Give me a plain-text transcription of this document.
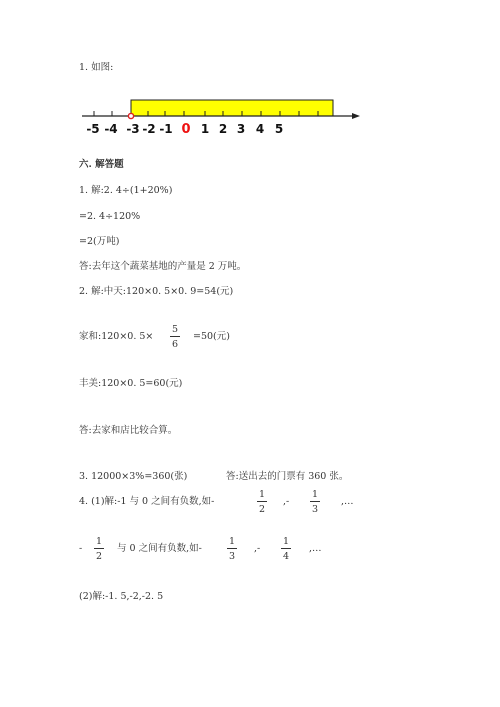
1. 如图:
-5 -4 -3 -2 -1 0 1 2 3 4 5
六. 解答题
1. 解:2. 4÷(1+20%)
=2. 4÷120%
=2(万吨)
答:去年这个蔬菜基地的产量是 2 万吨。
2. 解:中天:120×0. 5×0. 9=54(元)
家和:120×0. 5×
5
6
=50(元)
丰美:120×0. 5=60(元)
答:去家和店比较合算。
3. 12000×3%=360(张)	答:送出去的门票有 360 张。
4. (1)解:-1 与 0 之间有负数,如-
1
2
,-
1
3
,…
-
1
2
与 0 之间有负数,如-
1
3
,-
1
4
,…
(2)解:-1. 5,-2,-2. 5
